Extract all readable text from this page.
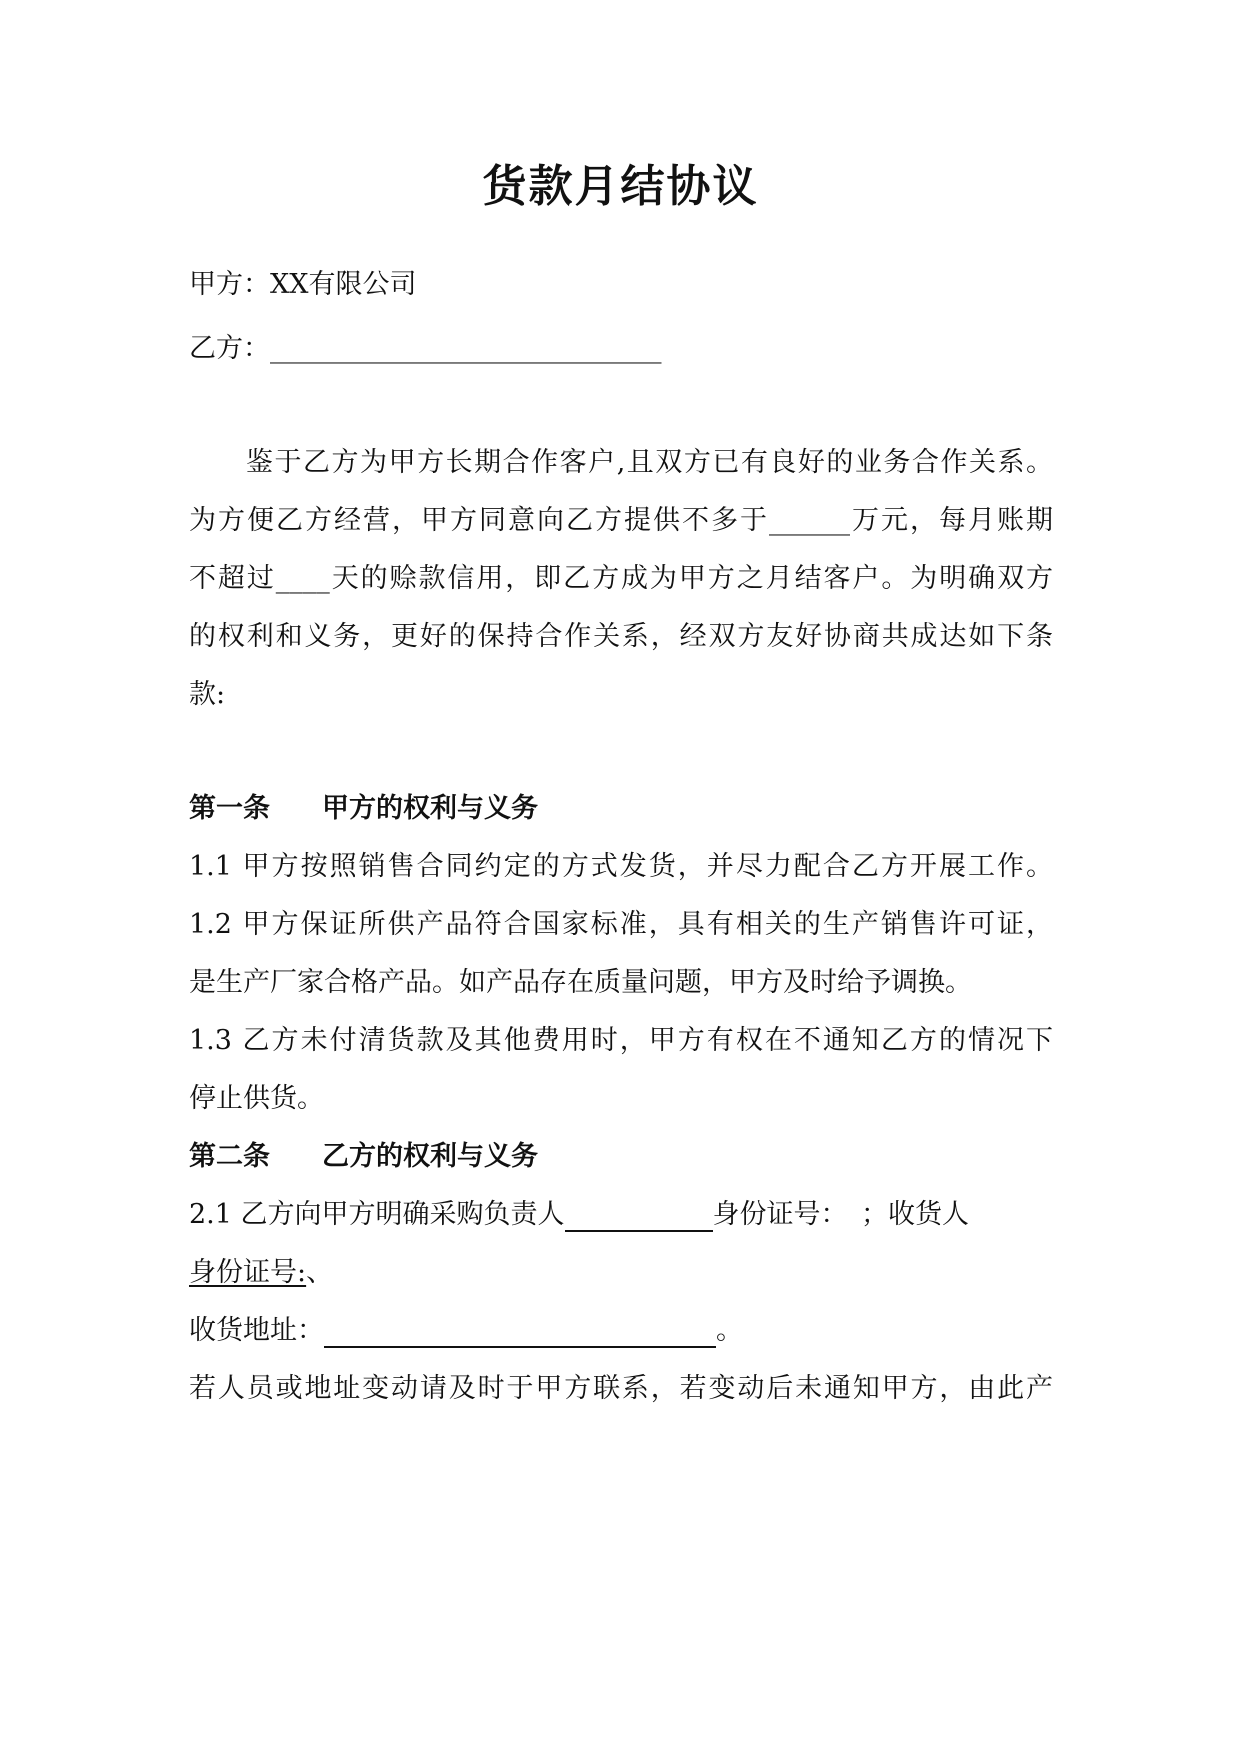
货款月结协议
甲方：XX有限公司
乙方：_____________________________
鉴于乙方为甲方长期合作客户,且双方已有良好的业务合作关系。
为方便乙方经营，甲方同意向乙方提供不多于______万元，每月账期
不超过____天的赊款信用，即乙方成为甲方之月结客户。为明确双方
的权利和义务，更好的保持合作关系，经双方友好协商共成达如下条
款:
第一条 甲方的权利与义务
1.1 甲方按照销售合同约定的方式发货，并尽力配合乙方开展工作。
1.2 甲方保证所供产品符合国家标准，具有相关的生产销售许可证，
是生产厂家合格产品。如产品存在质量问题，甲方及时给予调换。
1.3 乙方未付清货款及其他费用时，甲方有权在不通知乙方的情况下
停止供货。
第二条 乙方的权利与义务
2.1 乙方向甲方明确采购负责人	身份证号：　；收货人
身份证号:、
收货地址：	。
若人员或地址变动请及时于甲方联系，若变动后未通知甲方，由此产
